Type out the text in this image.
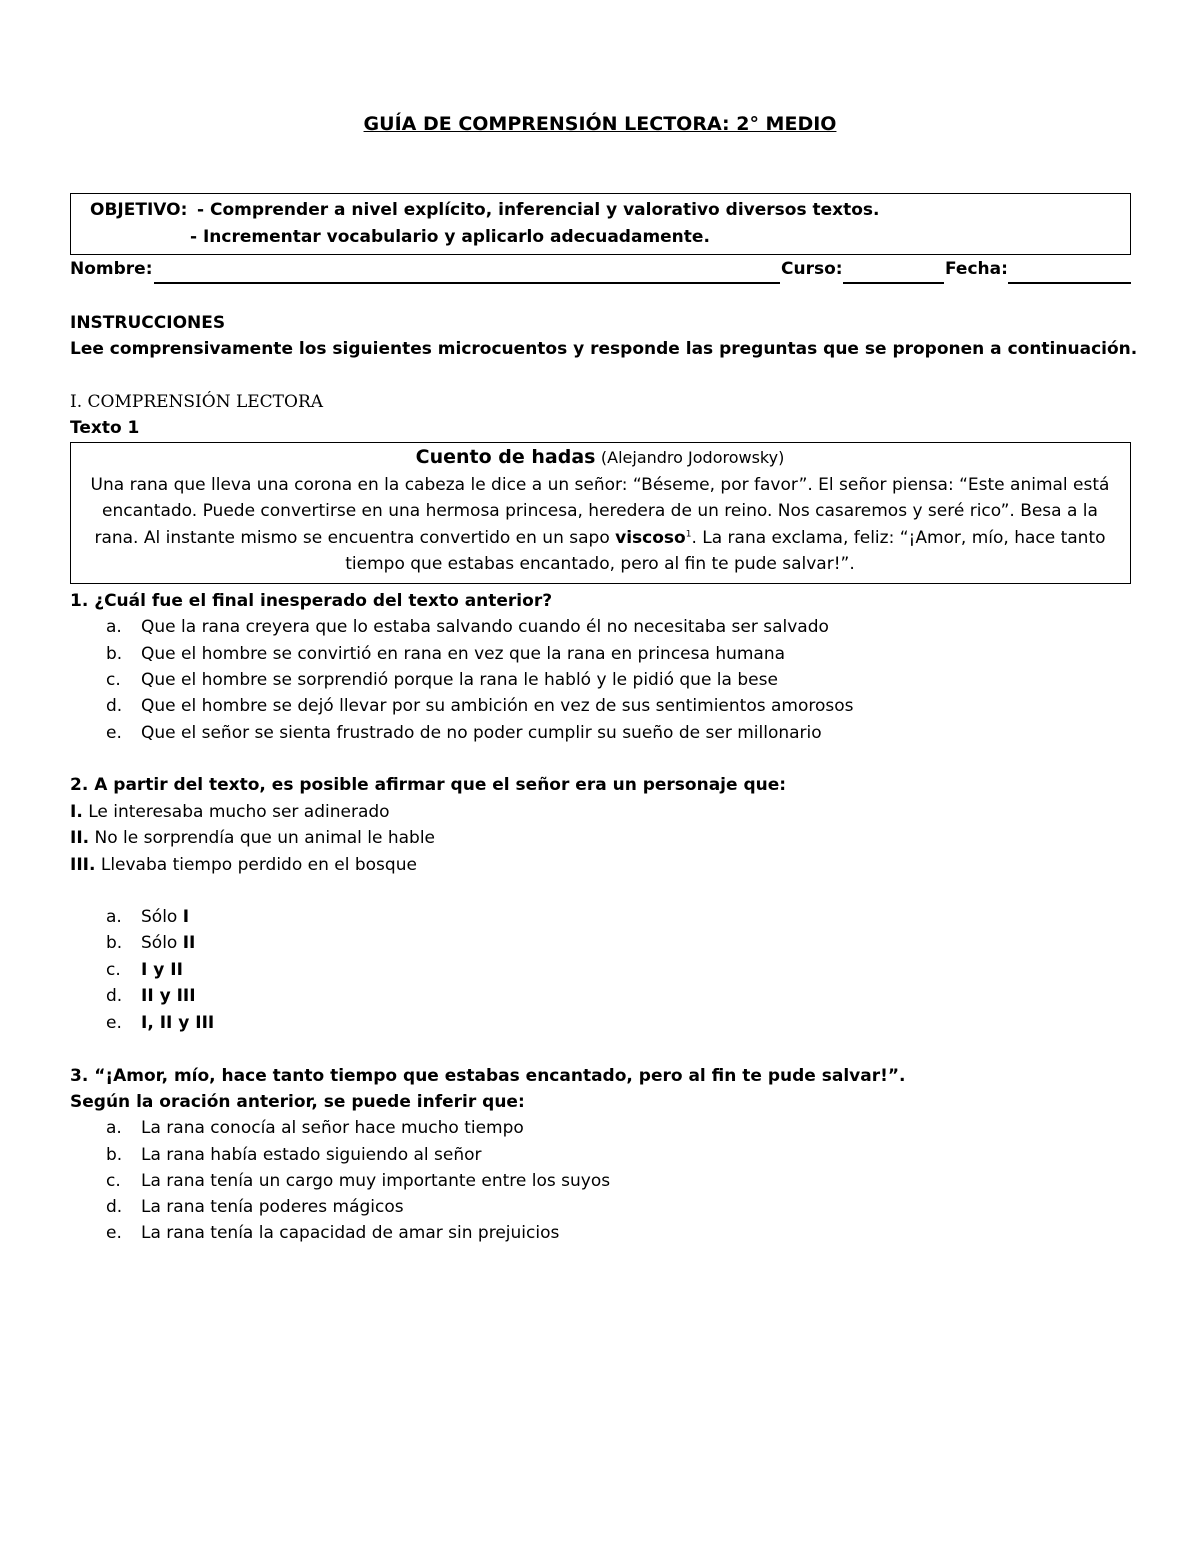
GUÍA DE COMPRENSIÓN LECTORA: 2° MEDIO
OBJETIVO: - Comprender a nivel explícito, inferencial y valorativo diversos textos.
- Incrementar vocabulario y aplicarlo adecuadamente.
Nombre:	Curso:	Fecha:
INSTRUCCIONES
Lee comprensivamente los siguientes microcuentos y responde las preguntas que se proponen a continuación.
I. COMPRENSIÓN LECTORA
Texto 1
Cuento de hadas (Alejandro Jodorowsky)
Una rana que lleva una corona en la cabeza le dice a un señor: “Béseme, por favor”. El señor piensa: “Este animal está
encantado. Puede convertirse en una hermosa princesa, heredera de un reino. Nos casaremos y seré rico”. Besa a la
rana. Al instante mismo se encuentra convertido en un sapo viscoso$^1$. La rana exclama, feliz: “¡Amor, mío, hace tanto
tiempo que estabas encantado, pero al fin te pude salvar!”.
1. ¿Cuál fue el final inesperado del texto anterior?
a.	Que la rana creyera que lo estaba salvando cuando él no necesitaba ser salvado
b.	Que el hombre se convirtió en rana en vez que la rana en princesa humana
c.	Que el hombre se sorprendió porque la rana le habló y le pidió que la bese
d.	Que el hombre se dejó llevar por su ambición en vez de sus sentimientos amorosos
e.	Que el señor se sienta frustrado de no poder cumplir su sueño de ser millonario
2. A partir del texto, es posible afirmar que el señor era un personaje que:
I. Le interesaba mucho ser adinerado
II. No le sorprendía que un animal le hable
III. Llevaba tiempo perdido en el bosque
a.	Sólo I
b.	Sólo II
c.	I y II
d.	II y III
e.	I, II y III
3. “¡Amor, mío, hace tanto tiempo que estabas encantado, pero al fin te pude salvar!”.
Según la oración anterior, se puede inferir que:
a.	La rana conocía al señor hace mucho tiempo
b.	La rana había estado siguiendo al señor
c.	La rana tenía un cargo muy importante entre los suyos
d.	La rana tenía poderes mágicos
e.	La rana tenía la capacidad de amar sin prejuicios
